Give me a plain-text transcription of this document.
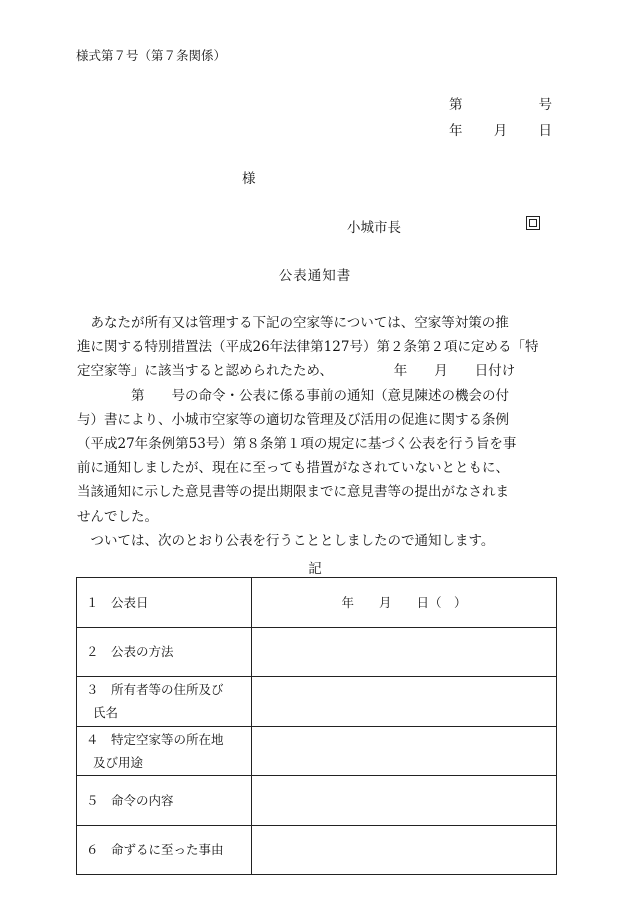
様式第７号（第７条関係）
第	号
年 月 日
様
小城市長
公表通知書
　あなたが所有又は管理する下記の空家等については、空家等対策の推
進に関する特別措置法（平成26年法律第127号）第２条第２項に定める「特
定空家等」に該当すると認められたため、　　　　　年　　月　　日付け
　　　　第　　号の命令・公表に係る事前の通知（意見陳述の機会の付
与）書により、小城市空家等の適切な管理及び活用の促進に関する条例
（平成27年条例第53号）第８条第１項の規定に基づく公表を行う旨を事
前に通知しましたが、現在に至っても措置がなされていないとともに、
当該通知に示した意見書等の提出期限までに意見書等の提出がなされま
せんでした。
　ついては、次のとおり公表を行うこととしましたので通知します。
記
１　公表日	年　　月　　日（　）
２　公表の方法	
３　所有者等の住所及び
氏名	

４　特定空家等の所在地
及び用途	

５　命令の内容	
６　命ずるに至った事由	
